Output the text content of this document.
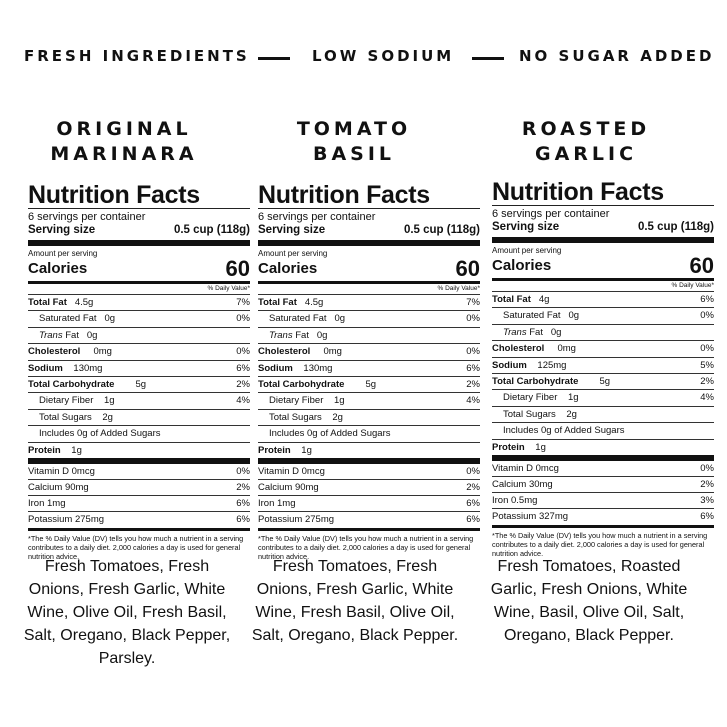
FRESH INGREDIENTS	LOW SODIUM	NO SUGAR ADDED
ORIGINAL
MARINARA
TOMATO
BASIL
ROASTED
GARLIC
Nutrition Facts
6 servings per container
Serving size	0.5 cup (118g)
Amount per serving
Calories	60
% Daily Value*
Total Fat 4.5g	7%
Saturated Fat 0g	0%
Trans Fat 0g
Cholesterol 0mg	0%
Sodium 130mg	6%
Total Carbohydrate 5g	2%
Dietary Fiber 1g	4%
Total Sugars 2g
Includes 0g of Added Sugars
Protein 1g
Vitamin D 0mcg	0%
Calcium 90mg	2%
Iron 1mg	6%
Potassium 275mg	6%
*The % Daily Value (DV) tells you how much a nutrient in a serving contributes to a daily diet. 2,000 calories a day is used for general nutrition advice.
Nutrition Facts
6 servings per container
Serving size	0.5 cup (118g)
Amount per serving
Calories	60
% Daily Value*
Total Fat 4.5g	7%
Saturated Fat 0g	0%
Trans Fat 0g
Cholesterol 0mg	0%
Sodium 130mg	6%
Total Carbohydrate 5g	2%
Dietary Fiber 1g	4%
Total Sugars 2g
Includes 0g of Added Sugars
Protein 1g
Vitamin D 0mcg	0%
Calcium 90mg	2%
Iron 1mg	6%
Potassium 275mg	6%
*The % Daily Value (DV) tells you how much a nutrient in a serving contributes to a daily diet. 2,000 calories a day is used for general nutrition advice.
Nutrition Facts
6 servings per container
Serving size	0.5 cup (118g)
Amount per serving
Calories	60
% Daily Value*
Total Fat 4g	6%
Saturated Fat 0g	0%
Trans Fat 0g
Cholesterol 0mg	0%
Sodium 125mg	5%
Total Carbohydrate 5g	2%
Dietary Fiber 1g	4%
Total Sugars 2g
Includes 0g of Added Sugars
Protein 1g
Vitamin D 0mcg	0%
Calcium 30mg	2%
Iron 0.5mg	3%
Potassium 327mg	6%
*The % Daily Value (DV) tells you how much a nutrient in a serving contributes to a daily diet. 2,000 calories a day is used for general nutrition advice.
Fresh Tomatoes, Fresh Onions, Fresh Garlic, White Wine, Olive Oil, Fresh Basil, Salt, Oregano, Black Pepper, Parsley.
Fresh Tomatoes, Fresh Onions, Fresh Garlic, White Wine, Fresh Basil, Olive Oil, Salt, Oregano, Black Pepper.
Fresh Tomatoes, Roasted Garlic, Fresh Onions, White Wine, Basil, Olive Oil, Salt, Oregano, Black Pepper.
